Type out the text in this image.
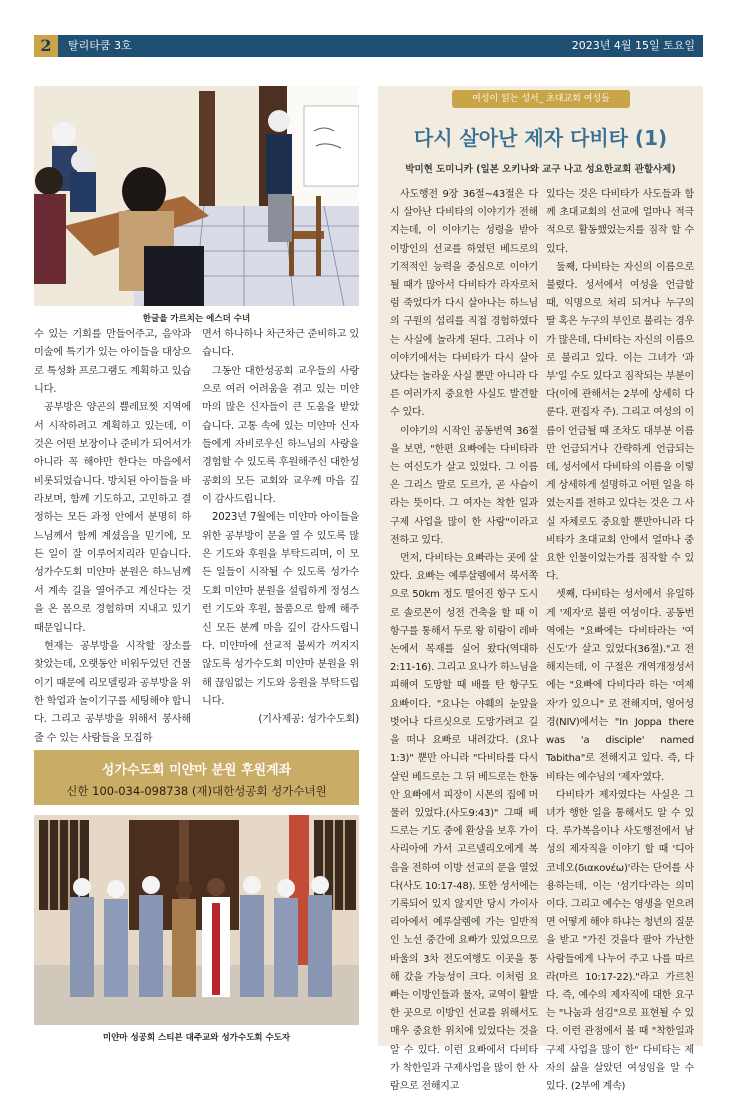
2	탈리타쿰 3호	2023년 4월 15일 토요일
한글을 가르치는 에스더 수녀

수 있는 기회를 만들어주고, 음악과 미술에 특기가 있는 아이들을 대상으로 특성화 프로그램도 계획하고 있습니다.

공부방은 양곤의 쁠레묘찟 지역에서 시작하려고 계획하고 있는데, 이것은 어떤 보장이나 준비가 되어서가 아니라 꼭 해야만 한다는 마음에서 비롯되었습니다. 방치된 아이들을 바라보며, 함께 기도하고, 고민하고 결정하는 모든 과정 안에서 분명히 하느님께서 함께 계셨음을 믿기에, 모든 일이 잘 이루어지리라 믿습니다. 성가수도회 미얀마 분원은 하느님께서 계속 길을 열어주고 계신다는 것을 온 몸으로 경험하며 지내고 있기 때문입니다.

현재는 공부방을 시작할 장소를 찾았는데, 오랫동안 비워두었던 건물이기 때문에 리모델링과 공부방을 위한 학업과 놀이기구를 세팅해야 합니다. 그리고 공부방을 위해서 봉사해줄 수 있는 사람들을 모집하

면서 하나하나 차근차근 준비하고 있습니다.

그동안 대한성공회 교우들의 사랑으로 여러 어려움을 겪고 있는 미얀마의 많은 신자들이 큰 도움을 받았습니다. 고통 속에 있는 미얀마 신자들에게 자비로우신 하느님의 사랑을 경험할 수 있도록 후원해주신 대한성공회의 모든 교회와 교우께 마음 깊이 감사드립니다.

2023년 7월에는 미얀마 아이들을 위한 공부방이 문을 열 수 있도록 많은 기도와 후원을 부탁드리며, 이 모든 일들이 시작될 수 있도록 성가수도회 미얀마 분원을 설립하게 정성스런 기도와 후원, 물품으로 함께 해주신 모든 분께 마음 깊이 감사드립니다. 미얀마에 선교적 불씨가 꺼지지 않도록 성가수도회 미얀마 분원을 위해 끊임없는 기도와 응원을 부탁드립니다.

(기사제공: 성가수도회)

성가수도회 미얀마 분원 후원계좌
신한 100-034-098738 (재)대한성공회 성가수녀원
미얀마 성공회 스티븐 대주교와 성가수도회 수도자
여성이 읽는 성서_ 초대교회 여성들
다시 살아난 제자 다비타 (1)
박미현 도미니카 (일본 오키나와 교구 나고 성요한교회 관할사제)

사도행전 9장 36절~43절은 다시 살아난 다비타의 이야기가 전해지는데, 이 이야기는 성령을 받아 이방인의 선교를 하였던 베드로의 기적적인 능력을 중심으로 이야기 될 때가 많아서 다비타가 라자로처럼 죽었다가 다시 살아나는 하느님의 구원의 섭리를 직접 경험하였다는 사실에 놀라게 된다. 그러나 이 이야기에서는 다비타가 다시 살아났다는 놀라운 사실 뿐만 아니라 다른 여러가지 중요한 사실도 발견할 수 있다.

이야기의 시작인 공동번역 36절을 보면, "한편 요빠에는 다비타라는 여신도가 살고 있었다. 그 이름은 그리스 말로 도르가, 곧 사슴이라는 뜻이다. 그 여자는 착한 일과 구제 사업을 많이 한 사람"이라고 전하고 있다.

먼저, 다비타는 요빠라는 곳에 살았다. 요빠는 예루살렘에서 북서쪽으로 50km 정도 떨어진 항구 도시로 솔로몬이 성전 건축을 할 때 이 항구를 통해서 두로 왕 히람이 레바논에서 목재를 실어 왔다(역대하 2:11-16). 그리고 요나가 하느님을 피해여 도망할 때 배를 탄 항구도 요빠이다. "요나는 야훼의 눈앞을 벗어나 다르싯으로 도망가려고 길을 떠나 요빠로 내려갔다. (요나 1:3)" 뿐만 아니라 "다비타를 다시 살린 베드로는 그 뒤 베드로는 한동안 요빠에서 피장이 시몬의 집에 머물러 있었다.(사도9:43)" 그때 베드로는 기도 중에 환상을 보후 가이사리아에 가서 고르넬리오에게 복음을 전하여 이방 선교의 문을 열었다(사도 10:17-48). 또한 성서에는 기록되어 있지 않지만 당시 가이사리아에서 예루살렘에 가는 일반적인 노선 중간에 요빠가 있었으므로 바울의 3차 전도여행도 이곳을 통해 갔을 가능성이 크다. 이처럼 요빠는 이방인들과 물자, 교역이 활발한 곳으로 이방인 선교를 위해서도 매우 중요한 위치에 있었다는 것을 알 수 있다. 이런 요빠에서 다비타가 착한일과 구제사업을 많이 한 사람으로 전해지고

있다는 것은 다비타가 사도들과 함께 초대교회의 선교에 얼마나 적극적으로 활동했었는지를 짐작 할 수 있다.

둘째, 다비타는 자신의 이름으로 불렸다. 성서에서 여성을 언급할 때, 익명으로 처리 되거나 누구의 딸 혹은 누구의 부인로 불리는 경우가 많은데, 다비타는 자신의 이름으로 불리고 있다. 이는 그녀가 '과부'일 수도 있다고 짐작되는 부분이다(이에 관해서는 2부에 상세히 다룬다. 편집자 주). 그리고 여성의 이름이 언급될 때 조차도 대부분 이름만 언급되거나 간략하게 언급되는데, 성서에서 다비타의 이름을 이렇게 상세하게 설명하고 어떤 일을 하였는지를 전하고 있다는 것은 그 사실 자체로도 중요할 뿐만아니라 다비타가 초대교회 안에서 얼마나 중요한 인물이었는가를 짐작할 수 있다.

셋째, 다비타는 성서에서 유일하게 '제자'로 불린 여성이다. 공동번역에는 "요빠에는 다비타라는 '여신도'가 살고 있었다(36절)."고 전해지는데, 이 구절은 개역개정성서에는 "요빠에 다비다라 하는 '여제자'가 있으니" 로 전해지며, 영어성경(NIV)에서는 "In Joppa there was 'a disciple' named Tabitha"로 전해지고 있다. 즉, 다비타는 예수님의 '제자'였다.

다비타가 제자였다는 사실은 그녀가 행한 일을 통해서도 알 수 있다. 루가복음이나 사도행전에서 남성의 제자직을 이야기 할 때 '디아코네오(διακονέω)'라는 단어를 사용하는데, 이는 '섬기다'라는 의미이다. 그리고 예수는 영생을 얻으려면 어떻게 해야 하냐는 청년의 질문을 받고 "가진 것을다 팔아 가난한 사람들에게 나누어 주고 나를 따르라(마르 10:17-22)."라고 가르친다. 즉, 예수의 제자직에 대한 요구는 "나눔과 섬김"으로 표현될 수 있다. 이런 관점에서 볼 때 "착한일과 구제 사업을 많이 한" 다비타는 제자의 삶을 살았던 여성임을 알 수 있다. (2부에 계속)
